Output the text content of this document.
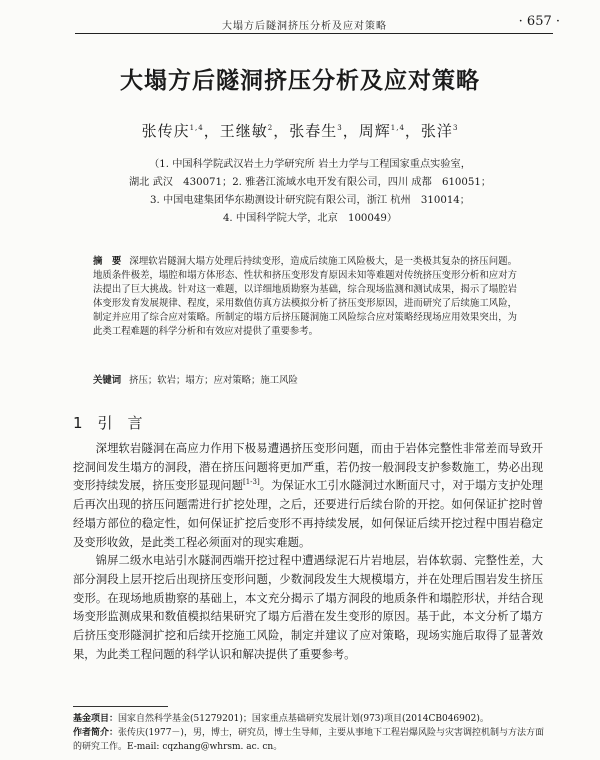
大塌方后隧洞挤压分析及应对策略	· 657 ·
大塌方后隧洞挤压分析及应对策略
张传庆$^{1,4}$，王继敏$^2$，张春生$^3$，周辉$^{1,4}$，张洋$^3$
（1. 中国科学院武汉岩土力学研究所 岩土力学与工程国家重点实验室，
湖北 武汉　430071；2. 雅砻江流域水电开发有限公司，四川 成都　610051；
3. 中国电建集团华东勘测设计研究院有限公司，浙江 杭州　310014；
4. 中国科学院大学，北京　100049）
摘　要 深埋软岩隧洞大塌方处理后持续变形，造成后续施工风险极大，是一类极其复杂的挤压问题。地质条件极差，塌腔和塌方体形态、性状和挤压变形发育原因未知等难题对传统挤压变形分析和应对方法提出了巨大挑战。针对这一难题，以详细地质勘察为基础，综合现场监测和测试成果，揭示了塌腔岩体变形发育发展规律、程度，采用数值仿真方法模拟分析了挤压变形原因，进而研究了后续施工风险，制定并应用了综合应对策略。所制定的塌方后挤压隧洞施工风险综合应对策略经现场应用效果突出，为此类工程难题的科学分析和有效应对提供了重要参考。
关键词 挤压；软岩；塌方；应对策略；施工风险
1　引　言

深埋软岩隧洞在高应力作用下极易遭遇挤压变形问题，而由于岩体完整性非常差而导致开挖洞间发生塌方的洞段，潜在挤压问题将更加严重，若仍按一般洞段支护参数施工，势必出现变形持续发展，挤压变形显现问题[1-3]。为保证水工引水隧洞过水断面尺寸，对于塌方支护处理后再次出现的挤压问题需进行扩挖处理，之后，还要进行后续台阶的开挖。如何保证扩挖时曾经塌方部位的稳定性，如何保证扩挖后变形不再持续发展，如何保证后续开挖过程中围岩稳定及变形收敛，是此类工程必须面对的现实难题。

锦屏二级水电站引水隧洞西端开挖过程中遭遇绿泥石片岩地层，岩体软弱、完整性差，大部分洞段上层开挖后出现挤压变形问题，少数洞段发生大规模塌方，并在处理后围岩发生挤压变形。在现场地质勘察的基础上，本文充分揭示了塌方洞段的地质条件和塌腔形状，并结合现场变形监测成果和数值模拟结果研究了塌方后潜在发生变形的原因。基于此，本文分析了塌方后挤压变形隧洞扩挖和后续开挖施工风险，制定并建议了应对策略，现场实施后取得了显著效果，为此类工程问题的科学认识和解决提供了重要参考。

基金项目：国家自然科学基金(51279201)；国家重点基础研究发展计划(973)项目(2014CB046902)。

作者简介：张传庆(1977－)，男，博士，研究员，博士生导师，主要从事地下工程岩爆风险与灾害调控机制与方法方面的研究工作。E-mail: cqzhang@whrsm. ac. cn。
